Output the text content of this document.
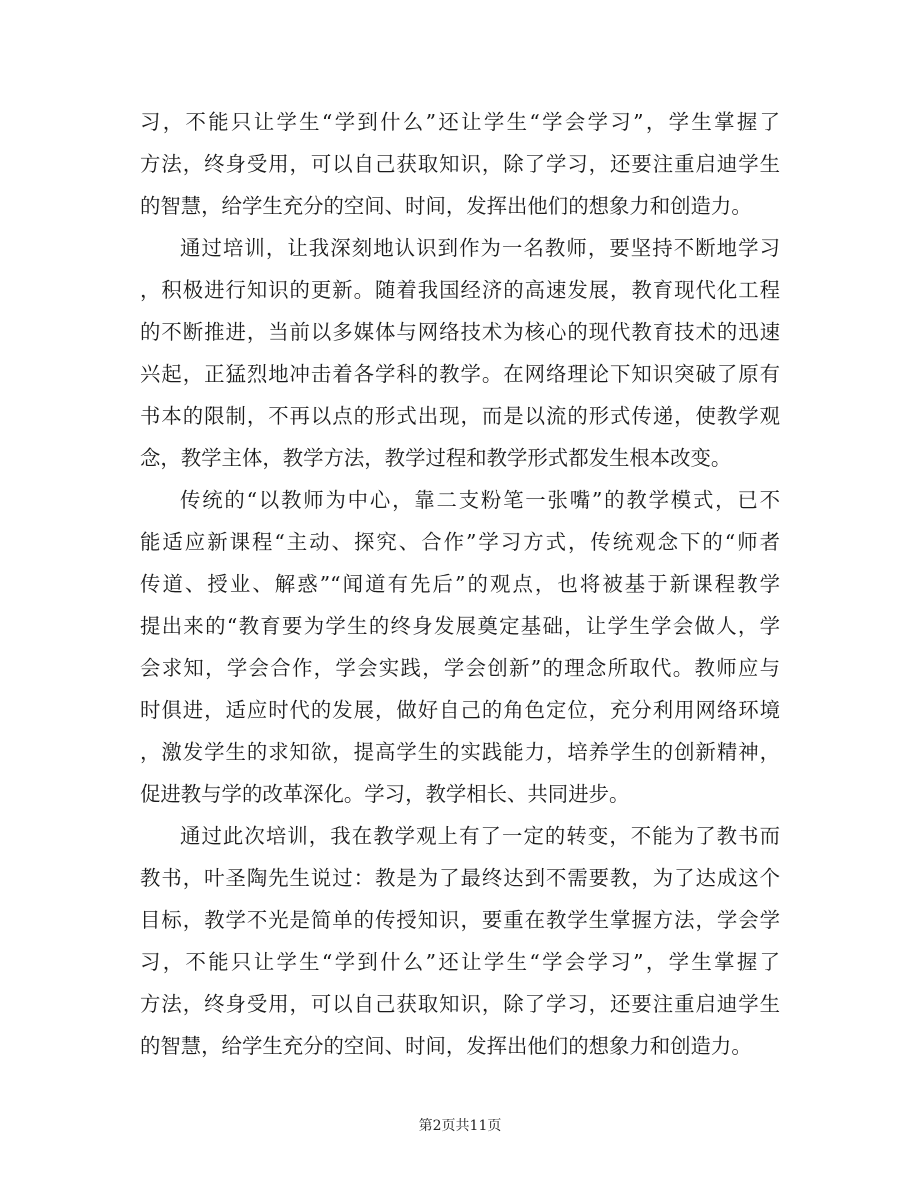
习，不能只让学生“学到什么”还让学生“学会学习”，学生掌握了
方法，终身受用，可以自己获取知识，除了学习，还要注重启迪学生
的智慧，给学生充分的空间、时间，发挥出他们的想象力和创造力。
通过培训，让我深刻地认识到作为一名教师，要坚持不断地学习
，积极进行知识的更新。随着我国经济的高速发展，教育现代化工程
的不断推进，当前以多媒体与网络技术为核心的现代教育技术的迅速
兴起，正猛烈地冲击着各学科的教学。在网络理论下知识突破了原有
书本的限制，不再以点的形式出现，而是以流的形式传递，使教学观
念，教学主体，教学方法，教学过程和教学形式都发生根本改变。
传统的“以教师为中心，靠二支粉笔一张嘴”的教学模式，已不
能适应新课程“主动、探究、合作”学习方式，传统观念下的“师者
传道、授业、解惑”“闻道有先后”的观点，也将被基于新课程教学
提出来的“教育要为学生的终身发展奠定基础，让学生学会做人，学
会求知，学会合作，学会实践，学会创新”的理念所取代。教师应与
时俱进，适应时代的发展，做好自己的角色定位，充分利用网络环境
，激发学生的求知欲，提高学生的实践能力，培养学生的创新精神，
促进教与学的改革深化。学习，教学相长、共同进步。
通过此次培训，我在教学观上有了一定的转变，不能为了教书而
教书，叶圣陶先生说过：教是为了最终达到不需要教，为了达成这个
目标，教学不光是简单的传授知识，要重在教学生掌握方法，学会学
习，不能只让学生“学到什么”还让学生“学会学习”，学生掌握了
方法，终身受用，可以自己获取知识，除了学习，还要注重启迪学生
的智慧，给学生充分的空间、时间，发挥出他们的想象力和创造力。
第2页共11页
